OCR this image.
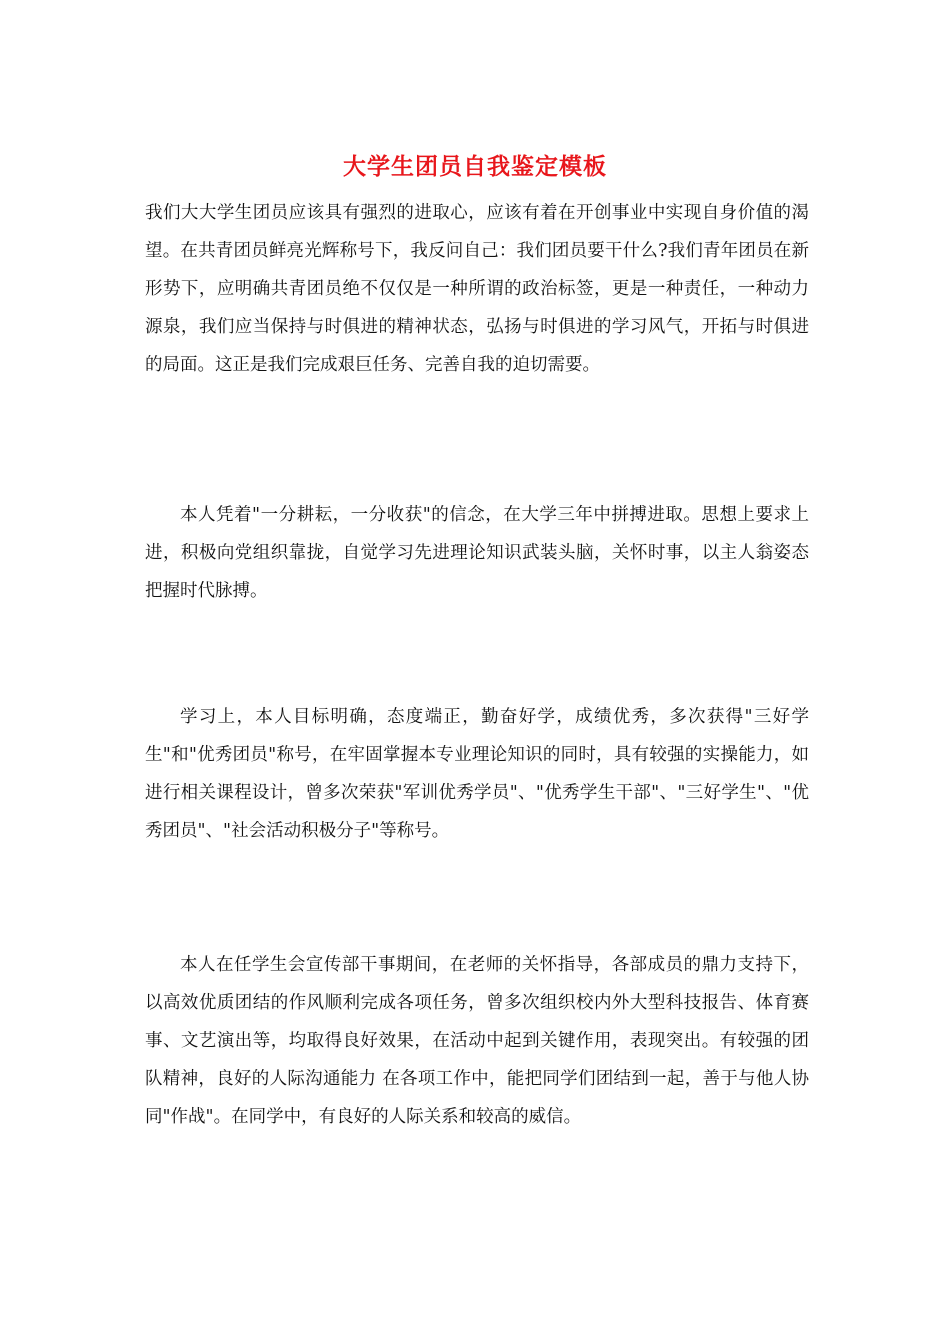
大学生团员自我鉴定模板

我们大大学生团员应该具有强烈的进取心，应该有着在开创事业中实现自身价值的渴望。在共青团员鲜亮光辉称号下，我反问自己：我们团员要干什么?我们青年团员在新形势下，应明确共青团员绝不仅仅是一种所谓的政治标签，更是一种责任，一种动力源泉，我们应当保持与时俱进的精神状态，弘扬与时俱进的学习风气，开拓与时俱进的局面。这正是我们完成艰巨任务、完善自我的迫切需要。

本人凭着"一分耕耘，一分收获"的信念，在大学三年中拼搏进取。思想上要求上进，积极向党组织靠拢，自觉学习先进理论知识武装头脑，关怀时事，以主人翁姿态把握时代脉搏。

学习上，本人目标明确，态度端正，勤奋好学，成绩优秀，多次获得"三好学生"和"优秀团员"称号，在牢固掌握本专业理论知识的同时，具有较强的实操能力，如进行相关课程设计，曾多次荣获"军训优秀学员"、"优秀学生干部"、"三好学生"、"优秀团员"、"社会活动积极分子"等称号。

本人在任学生会宣传部干事期间，在老师的关怀指导，各部成员的鼎力支持下，以高效优质团结的作风顺利完成各项任务，曾多次组织校内外大型科技报告、体育赛事、文艺演出等，均取得良好效果，在活动中起到关键作用，表现突出。有较强的团队精神，良好的人际沟通能力 在各项工作中，能把同学们团结到一起，善于与他人协同"作战"。在同学中，有良好的人际关系和较高的威信。
